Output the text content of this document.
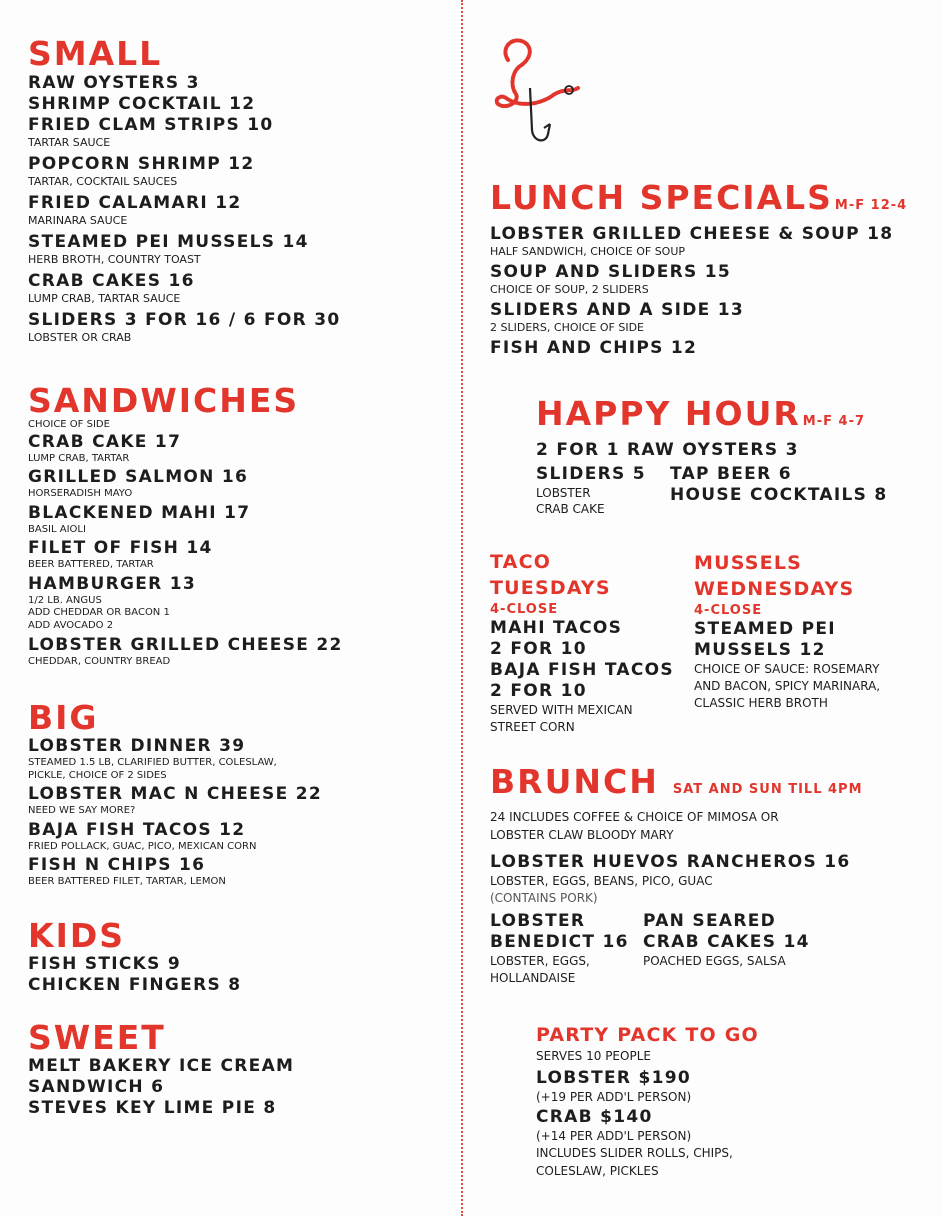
SMALL
RAW OYSTERS 3
SHRIMP COCKTAIL 12
FRIED CLAM STRIPS 10
TARTAR SAUCE
POPCORN SHRIMP 12
TARTAR, COCKTAIL SAUCES
FRIED CALAMARI 12
MARINARA SAUCE
STEAMED PEI MUSSELS 14
HERB BROTH, COUNTRY TOAST
CRAB CAKES 16
LUMP CRAB, TARTAR SAUCE
SLIDERS 3 FOR 16 / 6 FOR 30
LOBSTER OR CRAB
SANDWICHES
CHOICE OF SIDE
CRAB CAKE 17
LUMP CRAB, TARTAR
GRILLED SALMON 16
HORSERADISH MAYO
BLACKENED MAHI 17
BASIL AIOLI
FILET OF FISH 14
BEER BATTERED, TARTAR
HAMBURGER 13
1/2 LB. ANGUS
ADD CHEDDAR OR BACON 1
ADD AVOCADO 2
LOBSTER GRILLED CHEESE 22
CHEDDAR, COUNTRY BREAD
BIG
LOBSTER DINNER 39
STEAMED 1.5 LB, CLARIFIED BUTTER, COLESLAW,
PICKLE, CHOICE OF 2 SIDES
LOBSTER MAC N CHEESE 22
NEED WE SAY MORE?
BAJA FISH TACOS 12
FRIED POLLACK, GUAC, PICO, MEXICAN CORN
FISH N CHIPS 16
BEER BATTERED FILET, TARTAR, LEMON
KIDS
FISH STICKS 9
CHICKEN FINGERS 8
SWEET
MELT BAKERY ICE CREAM
SANDWICH 6
STEVES KEY LIME PIE 8
LUNCH SPECIALS M-F 12-4
LOBSTER GRILLED CHEESE & SOUP 18
HALF SANDWICH, CHOICE OF SOUP
SOUP AND SLIDERS 15
CHOICE OF SOUP, 2 SLIDERS
SLIDERS AND A SIDE 13
2 SLIDERS, CHOICE OF SIDE
FISH AND CHIPS 12
HAPPY HOUR M-F 4-7
2 FOR 1 RAW OYSTERS 3
SLIDERS 5
LOBSTER
CRAB CAKE
TAP BEER 6
HOUSE COCKTAILS 8
TACO
TUESDAYS
4-CLOSE
MAHI TACOS
2 FOR 10
BAJA FISH TACOS
2 FOR 10
SERVED WITH MEXICAN
STREET CORN
MUSSELS
WEDNESDAYS
4-CLOSE
STEAMED PEI
MUSSELS 12
CHOICE OF SAUCE: ROSEMARY
AND BACON, SPICY MARINARA,
CLASSIC HERB BROTH
BRUNCH SAT AND SUN TILL 4PM
24 INCLUDES COFFEE & CHOICE OF MIMOSA OR
LOBSTER CLAW BLOODY MARY
LOBSTER HUEVOS RANCHEROS 16
LOBSTER, EGGS, BEANS, PICO, GUAC
(CONTAINS PORK)
LOBSTER
BENEDICT 16
LOBSTER, EGGS,
HOLLANDAISE
PAN SEARED
CRAB CAKES 14
POACHED EGGS, SALSA
PARTY PACK TO GO
SERVES 10 PEOPLE
LOBSTER $190
(+19 PER ADD'L PERSON)
CRAB $140
(+14 PER ADD'L PERSON)
INCLUDES SLIDER ROLLS, CHIPS,
COLESLAW, PICKLES
